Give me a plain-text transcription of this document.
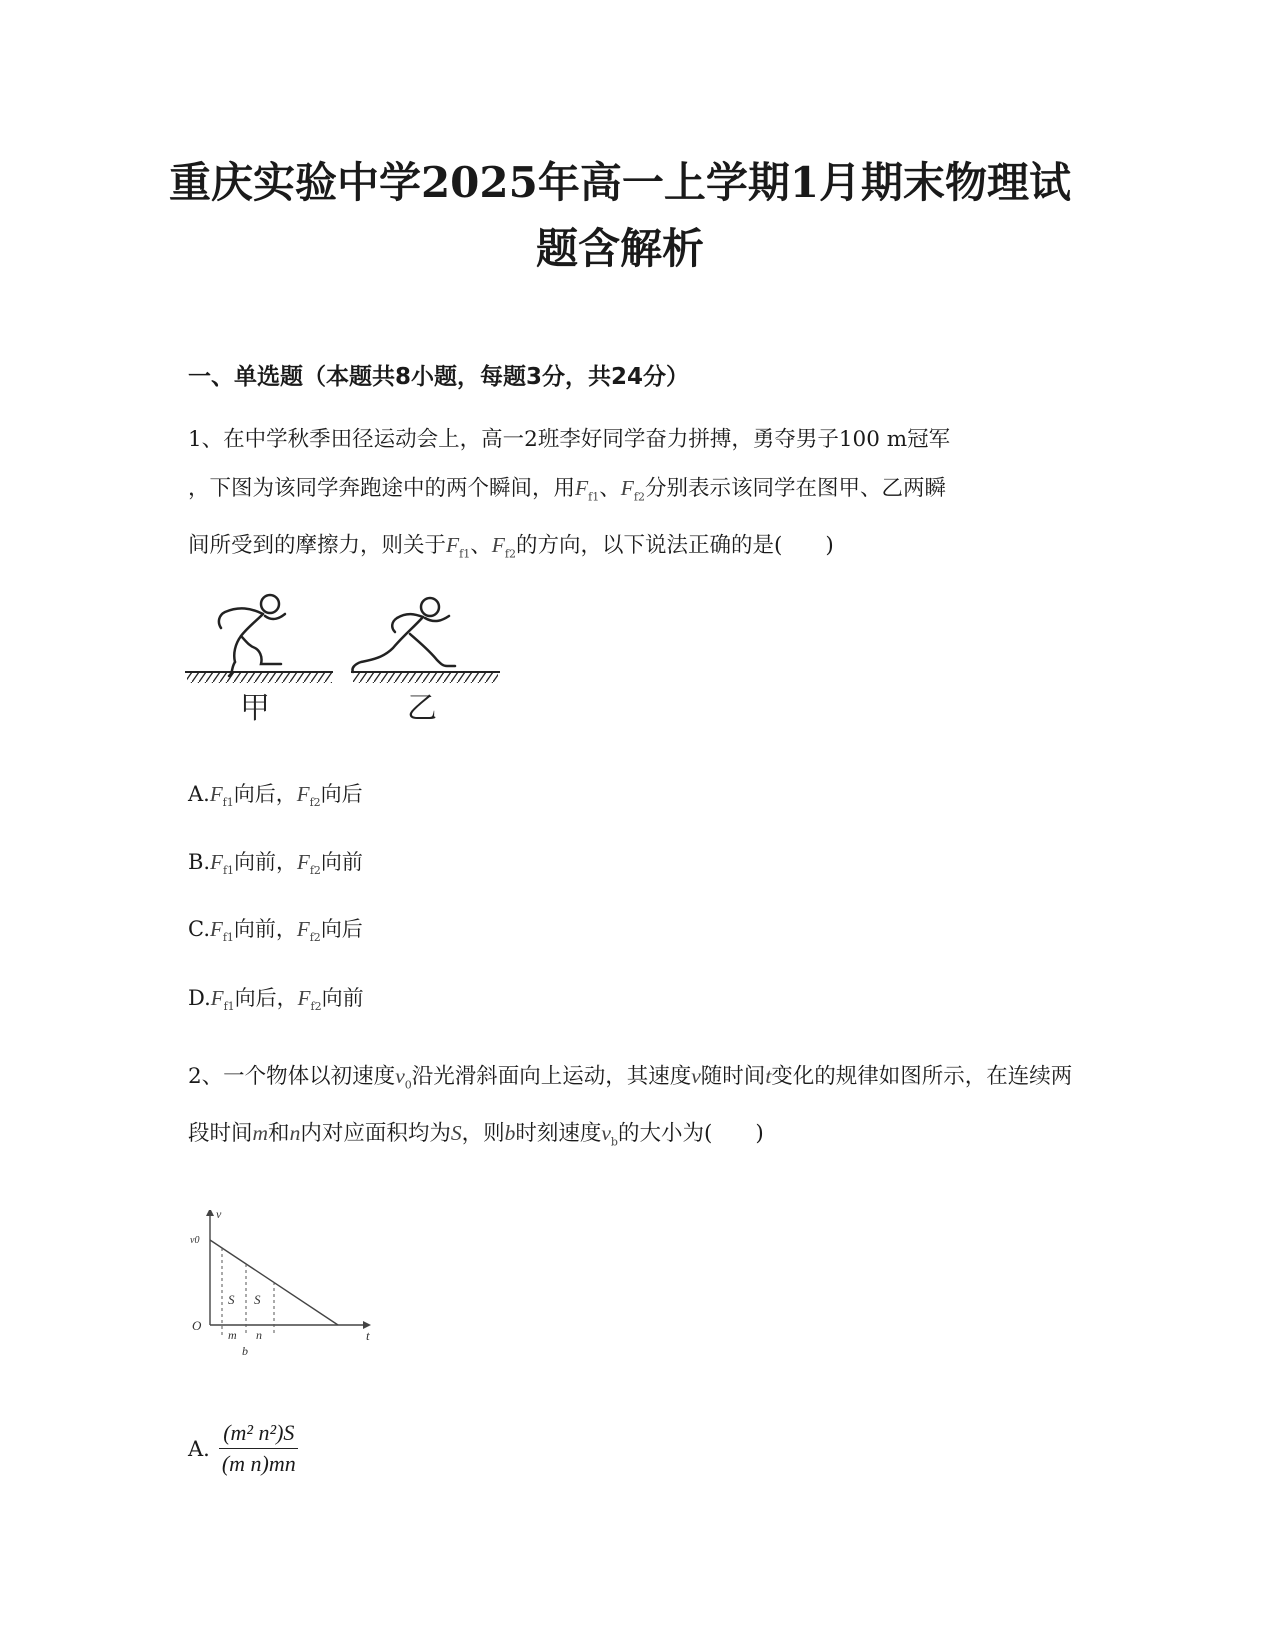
重庆实验中学2025年高一上学期1月期末物理试题含解析
一、单选题（本题共8小题，每题3分，共24分）
1、在中学秋季田径运动会上，高一2班李好同学奋力拼搏，勇夺男子100 m冠军
，下图为该同学奔跑途中的两个瞬间，用$F_{f1}$、$F_{f2}$分别表示该同学在图甲、乙两瞬
间所受到的摩擦力，则关于$F_{f1}$、$F_{f2}$的方向，以下说法正确的是(　　)
甲	乙
$A.F_{f1}$向后，$F_{f2}$向后
$B.F_{f1}$向前，$F_{f2}$向前
$C.F_{f1}$向前，$F_{f2}$向后
$D.F_{f1}$向后，$F_{f2}$向前
2、一个物体以初速度$v_0$沿光滑斜面向上运动，其速度v随时间t变化的规律如图所示，在连续两段时间m和n内对应面积均为S，则b时刻速度$v_b$的大小为(　　)
v
v0
O
t
S S
m n
b
A. $\frac{\text{(m² n²)S}}{\text{(m n)mn}}$
